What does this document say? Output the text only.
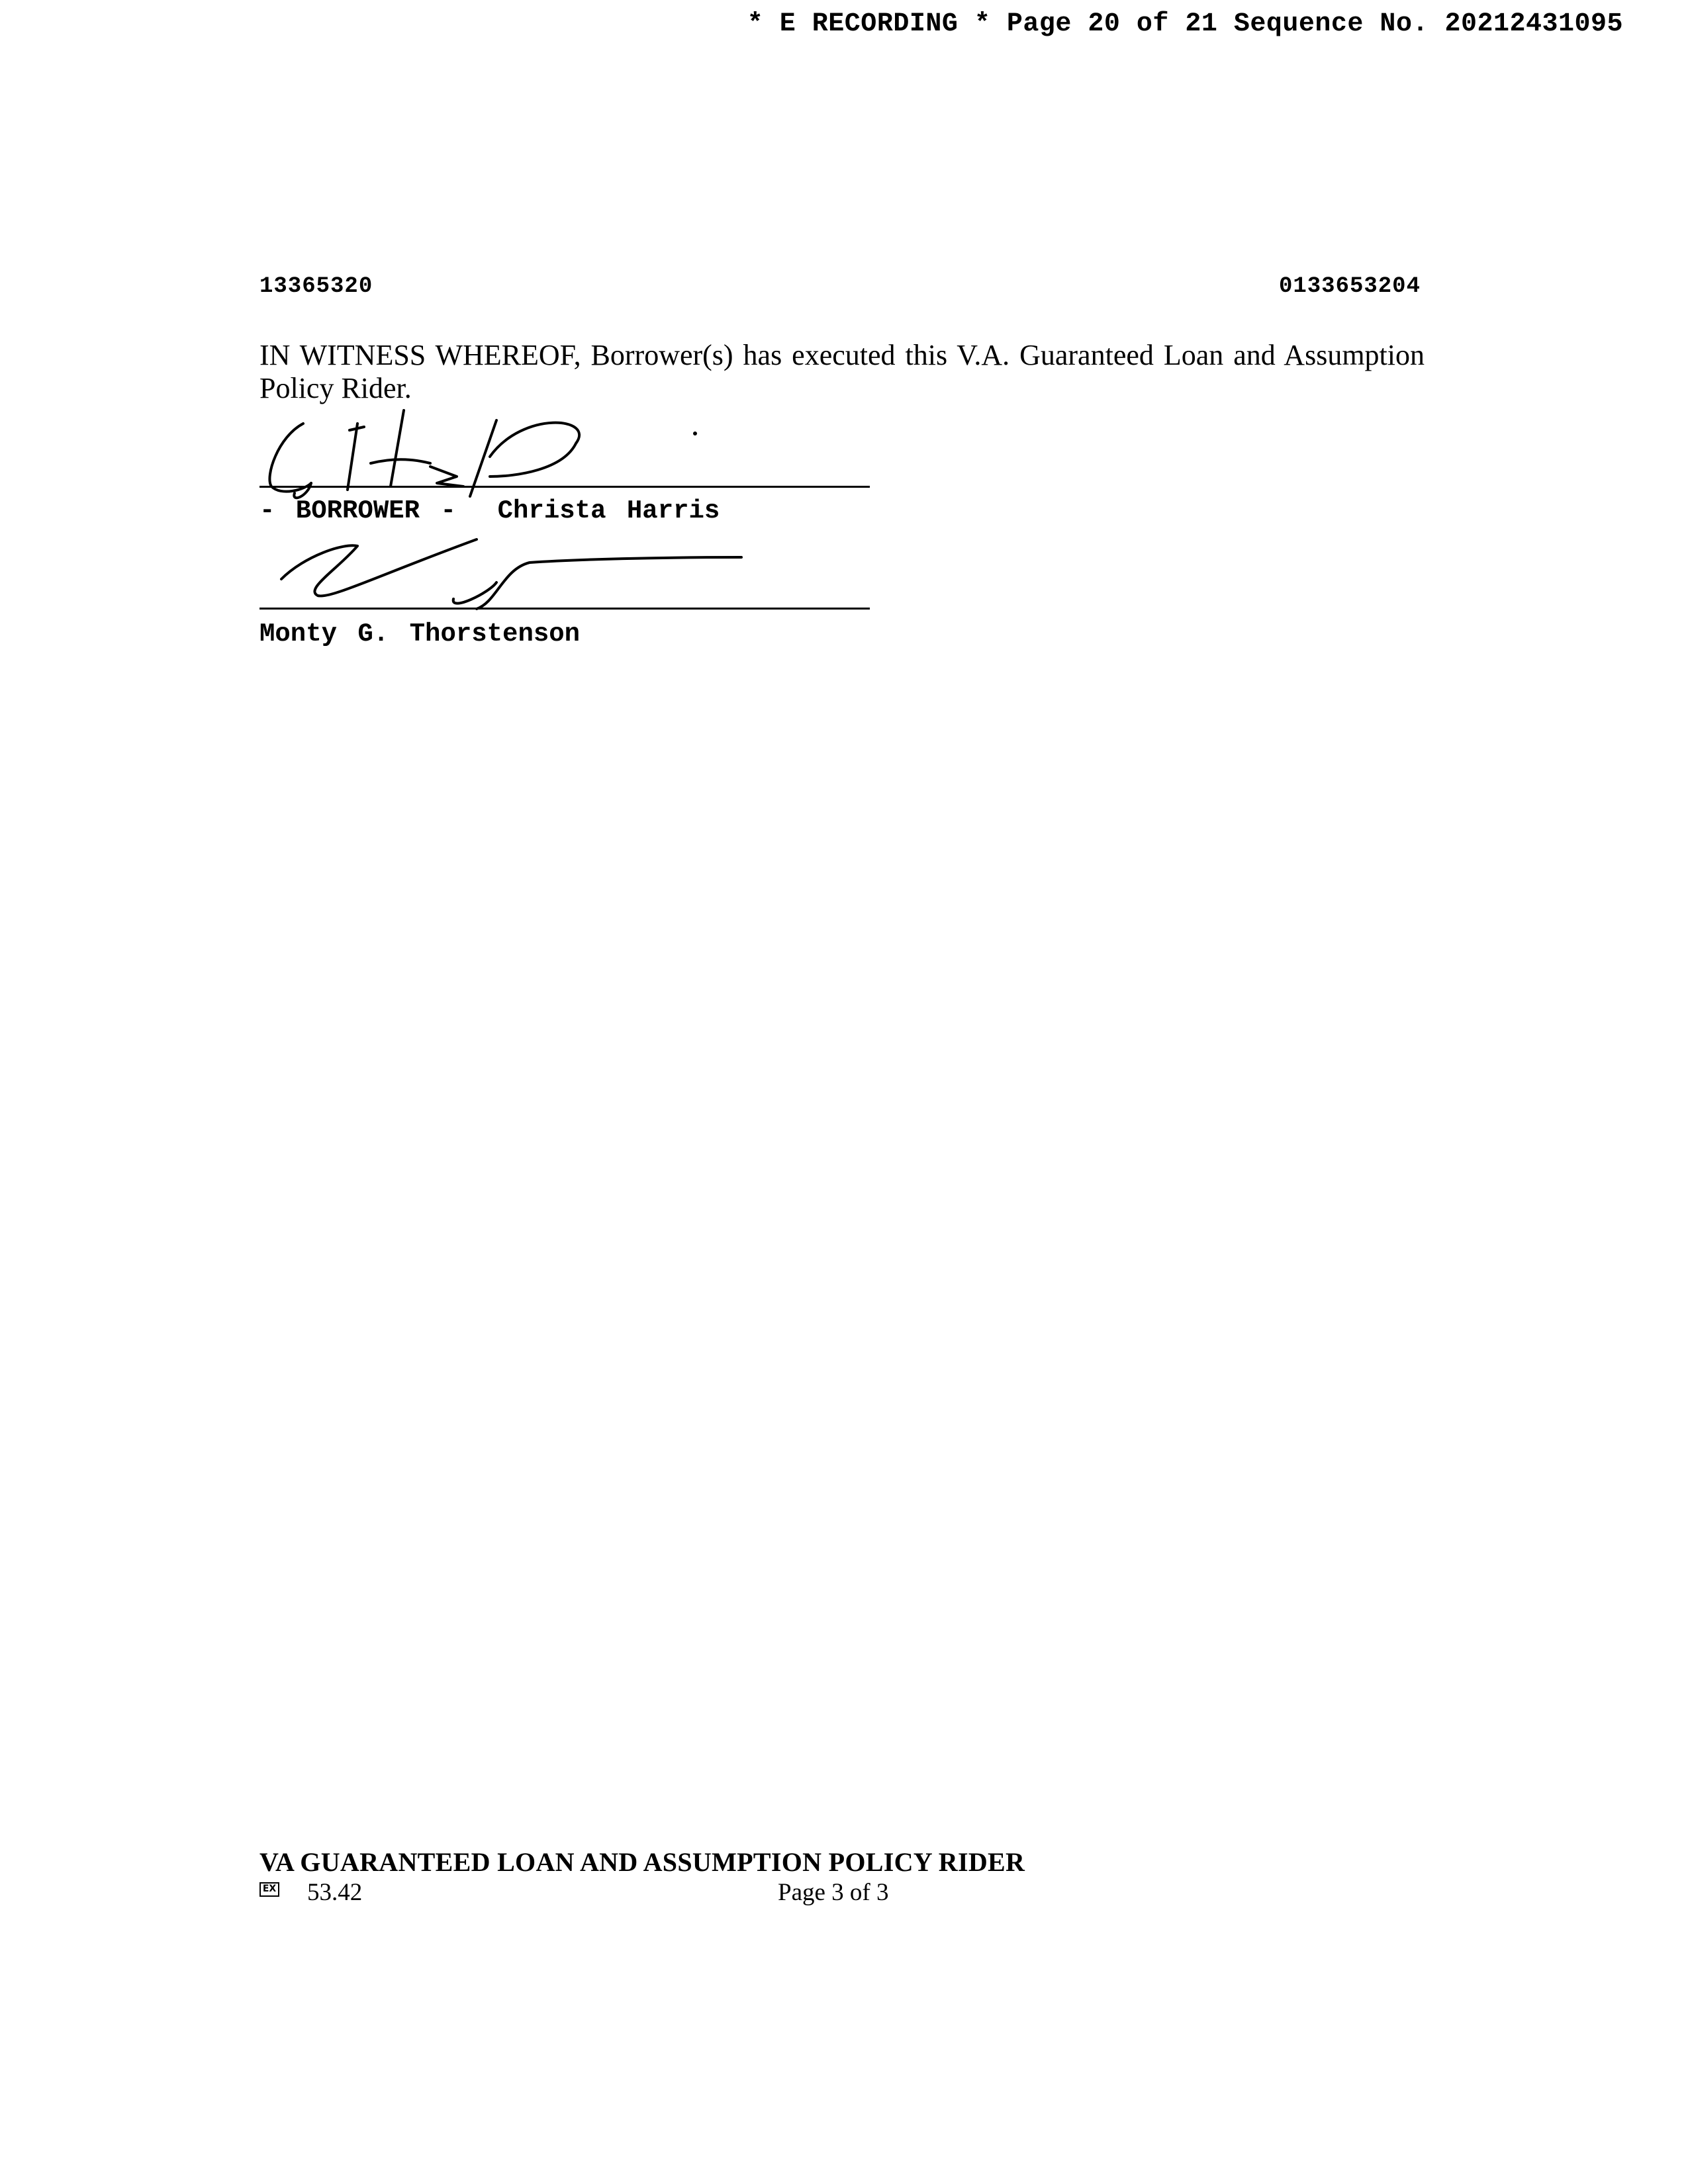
* E RECORDING * Page 20 of 21 Sequence No. 20212431095
13365320	0133653204
IN WITNESS WHEREOF, Borrower(s) has executed this V.A. Guaranteed Loan and Assumption Policy Rider.
- BORROWER -  Christa Harris
Monty G. Thorstenson
VA GUARANTEED LOAN AND ASSUMPTION POLICY RIDER
EX 53.42	Page 3 of 3
